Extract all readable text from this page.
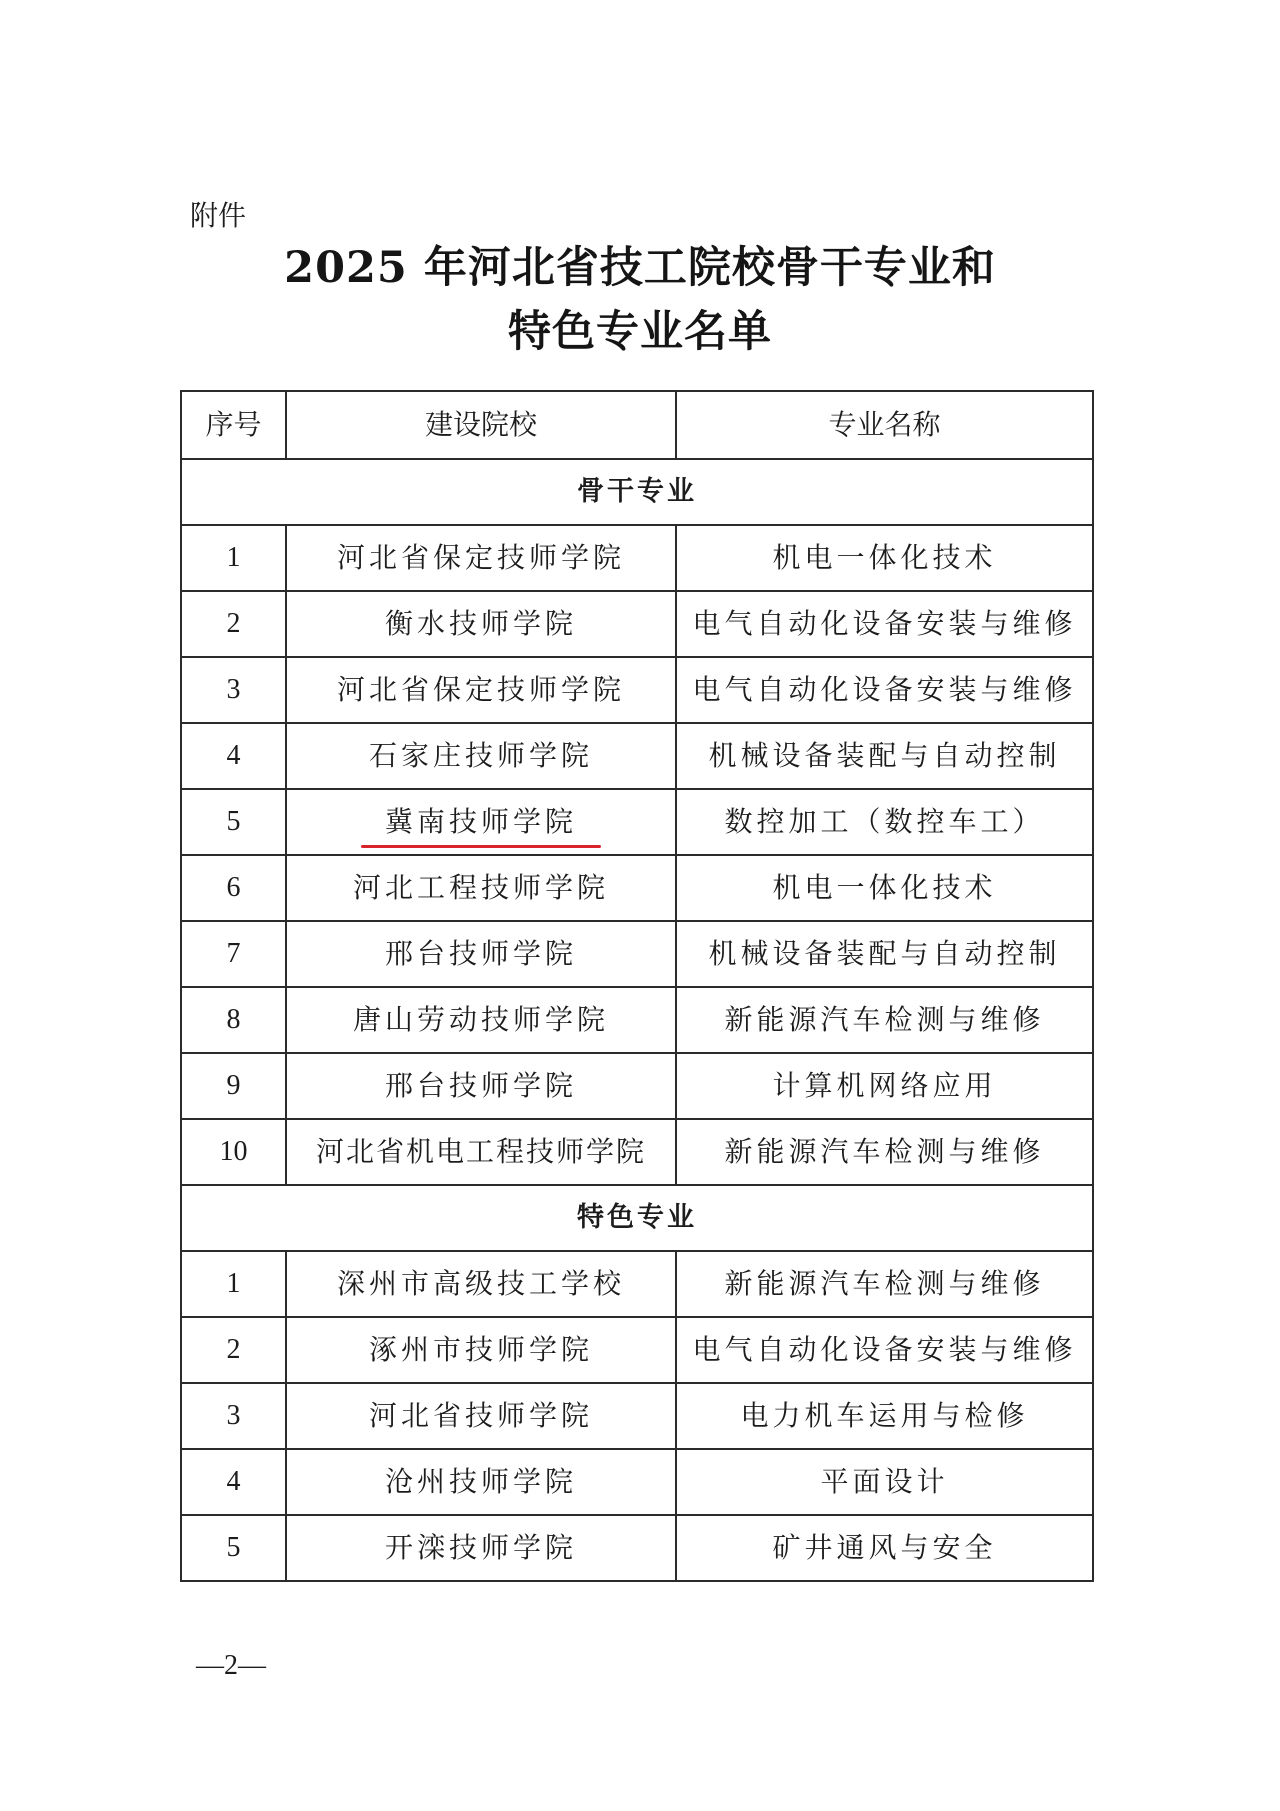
附件
2025 年河北省技工院校骨干专业和
特色专业名单
序号	建设院校	专业名称
骨干专业		
1	河北省保定技师学院	机电一体化技术
2	衡水技师学院	电气自动化设备安装与维修
3	河北省保定技师学院	电气自动化设备安装与维修
4	石家庄技师学院	机械设备装配与自动控制
5	冀南技师学院	数控加工（数控车工）
6	河北工程技师学院	机电一体化技术
7	邢台技师学院	机械设备装配与自动控制
8	唐山劳动技师学院	新能源汽车检测与维修
9	邢台技师学院	计算机网络应用
10	河北省机电工程技师学院	新能源汽车检测与维修
特色专业		
1	深州市高级技工学校	新能源汽车检测与维修
2	涿州市技师学院	电气自动化设备安装与维修
3	河北省技师学院	电力机车运用与检修
4	沧州技师学院	平面设计
5	开滦技师学院	矿井通风与安全
—2—
